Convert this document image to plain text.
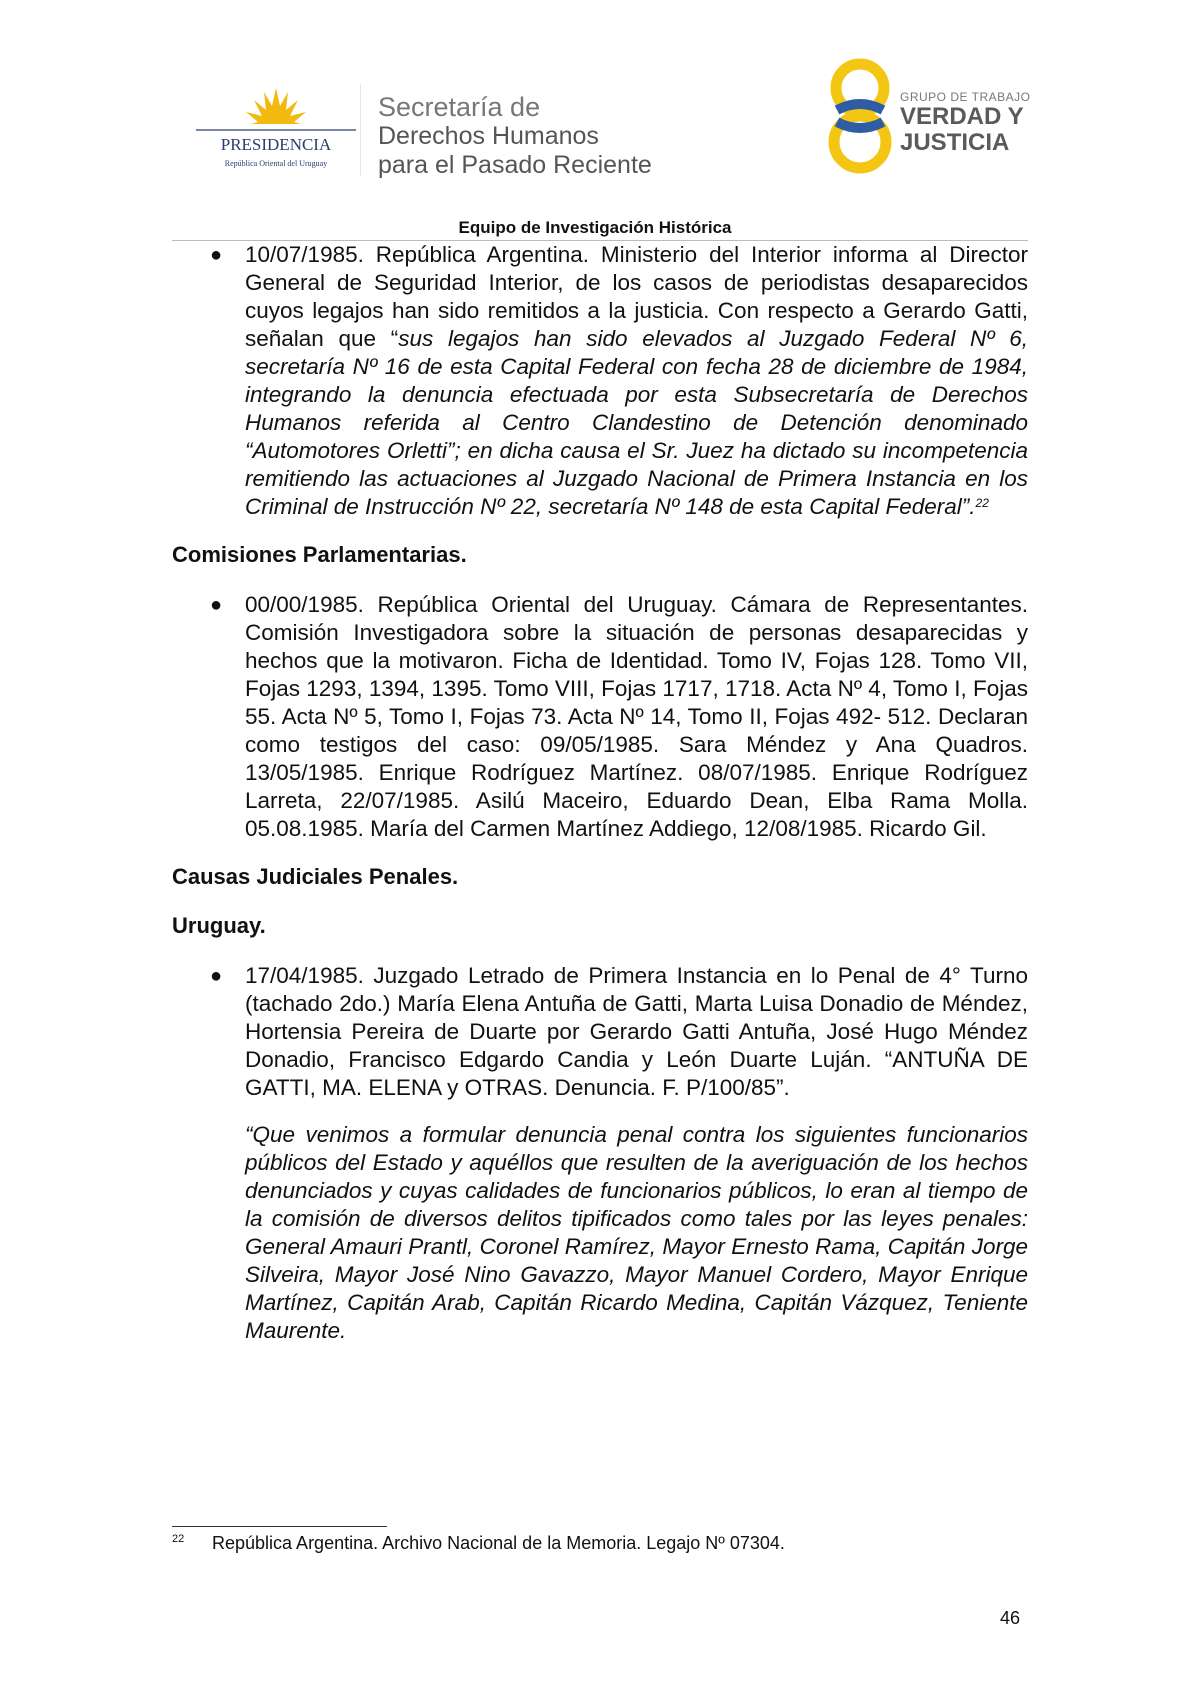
PRESIDENCIA
República Oriental del Uruguay
Secretaría de
Derechos Humanos
para el Pasado Reciente
GRUPO DE TRABAJO
VERDAD Y
JUSTICIA
Equipo de Investigación Histórica

● 10/07/1985. República Argentina. Ministerio del Interior informa al Director General de Seguridad Interior, de los casos de periodistas desaparecidos cuyos legajos han sido remitidos a la justicia. Con respecto a Gerardo Gatti, señalan que “sus legajos han sido elevados al Juzgado Federal Nº 6, secretaría Nº 16 de esta Capital Federal con fecha 28 de diciembre de 1984, integrando la denuncia efectuada por esta Subsecretaría de Derechos Humanos referida al Centro Clandestino de Detención denominado “Automotores Orletti”; en dicha causa el Sr. Juez ha dictado su incompetencia remitiendo las actuaciones al Juzgado Nacional de Primera Instancia en los Criminal de Instrucción Nº 22, secretaría Nº 148 de esta Capital Federal”.$^{22}$

Comisiones Parlamentarias.

● 00/00/1985. República Oriental del Uruguay. Cámara de Representantes. Comisión Investigadora sobre la situación de personas desaparecidas y hechos que la motivaron. Ficha de Identidad. Tomo IV, Fojas 128. Tomo VII, Fojas 1293, 1394, 1395. Tomo VIII, Fojas 1717, 1718. Acta Nº 4, Tomo I, Fojas 55. Acta Nº 5, Tomo I, Fojas 73. Acta Nº 14, Tomo II, Fojas 492- 512. Declaran como testigos del caso: 09/05/1985. Sara Méndez y Ana Quadros. 13/05/1985. Enrique Rodríguez Martínez. 08/07/1985. Enrique Rodríguez Larreta, 22/07/1985. Asilú Maceiro, Eduardo Dean, Elba Rama Molla. 05.08.1985. María del Carmen Martínez Addiego, 12/08/1985. Ricardo Gil.

Causas Judiciales Penales.

Uruguay.

● 17/04/1985. Juzgado Letrado de Primera Instancia en lo Penal de 4° Turno (tachado 2do.) María Elena Antuña de Gatti, Marta Luisa Donadio de Méndez, Hortensia Pereira de Duarte por Gerardo Gatti Antuña, José Hugo Méndez Donadio, Francisco Edgardo Candia y León Duarte Luján. “ANTUÑA DE GATTI, MA. ELENA y OTRAS. Denuncia. F. P/100/85”.

“Que venimos a formular denuncia penal contra los siguientes funcionarios públicos del Estado y aquéllos que resulten de la averiguación de los hechos denunciados y cuyas calidades de funcionarios públicos, lo eran al tiempo de la comisión de diversos delitos tipificados como tales por las leyes penales: General Amauri Prantl, Coronel Ramírez, Mayor Ernesto Rama, Capitán Jorge Silveira, Mayor José Nino Gavazzo, Mayor Manuel Cordero, Mayor Enrique Martínez, Capitán Arab, Capitán Ricardo Medina, Capitán Vázquez, Teniente Maurente.

22 República Argentina. Archivo Nacional de la Memoria. Legajo Nº 07304.
46
